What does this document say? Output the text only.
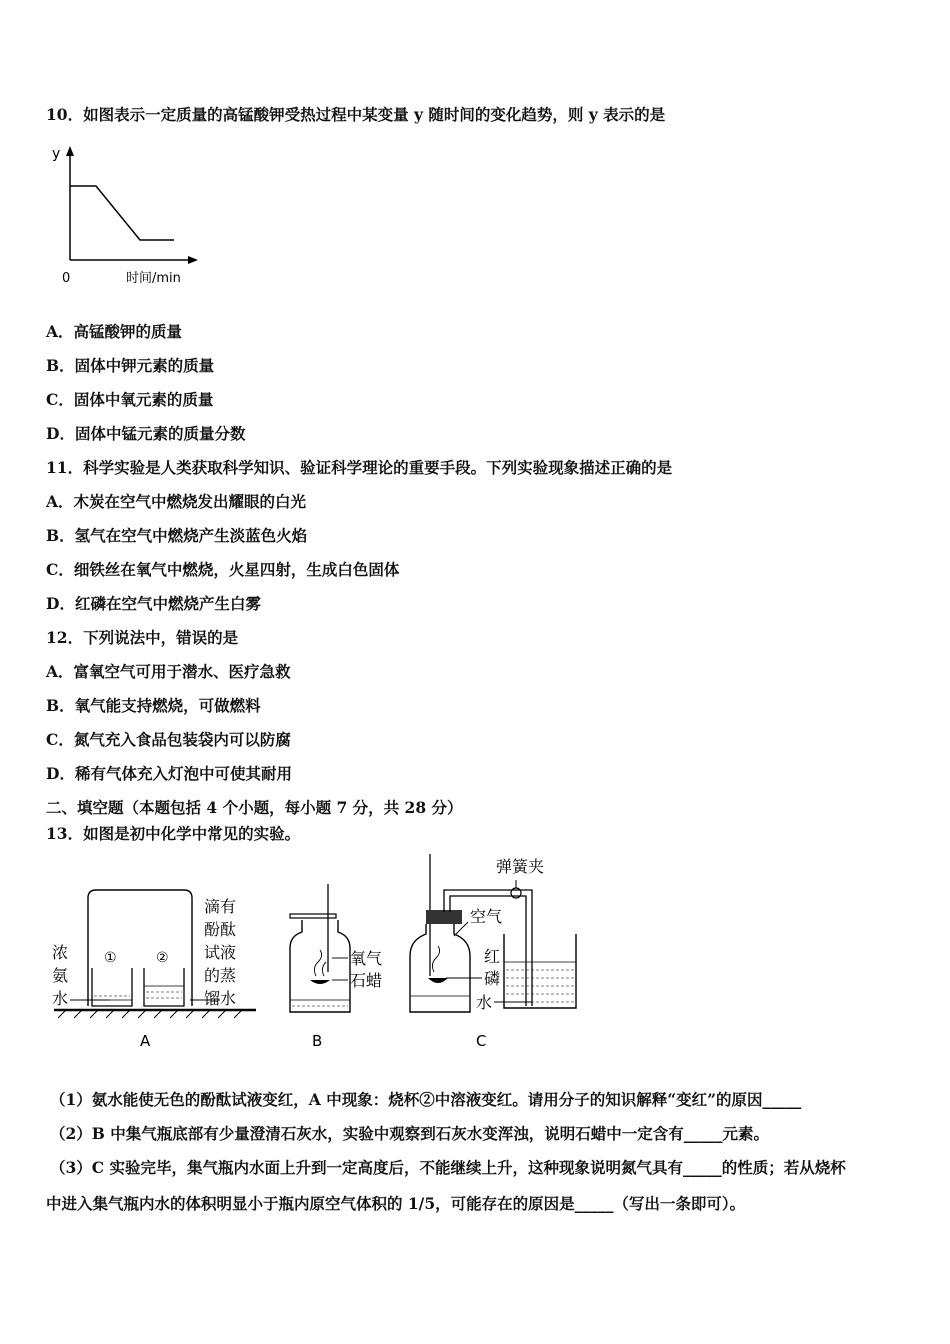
10．如图表示一定质量的高锰酸钾受热过程中某变量 y 随时间的变化趋势，则 y 表示的是
y
0	时间/min
A．高锰酸钾的质量
B．固体中钾元素的质量
C．固体中氧元素的质量
D．固体中锰元素的质量分数
11．科学实验是人类获取科学知识、验证科学理论的重要手段。下列实验现象描述正确的是
A．木炭在空气中燃烧发出耀眼的白光
B．氢气在空气中燃烧产生淡蓝色火焰
C．细铁丝在氧气中燃烧，火星四射，生成白色固体
D．红磷在空气中燃烧产生白雾
12．下列说法中，错误的是
A．富氧空气可用于潜水、医疗急救
B．氧气能支持燃烧，可做燃料
C．氮气充入食品包装袋内可以防腐
D．稀有气体充入灯泡中可使其耐用
二、填空题（本题包括 4 个小题，每小题 7 分，共 28 分）
13．如图是初中化学中常见的实验。
浓
氨
水
①	②
滴有
酚酞
试液
的蒸
馏水
A
氧气
石蜡
B
弹簧夹
空气
红
磷
水
C
（1）氨水能使无色的酚酞试液变红，A 中现象：烧杯②中溶液变红。请用分子的知识解释“变红”的原因_____
（2）B 中集气瓶底部有少量澄清石灰水，实验中观察到石灰水变浑浊，说明石蜡中一定含有_____元素。
（3）C 实验完毕，集气瓶内水面上升到一定高度后，不能继续上升，这种现象说明氮气具有_____的性质；若从烧杯
中进入集气瓶内水的体积明显小于瓶内原空气体积的 1/5，可能存在的原因是_____（写出一条即可）。
